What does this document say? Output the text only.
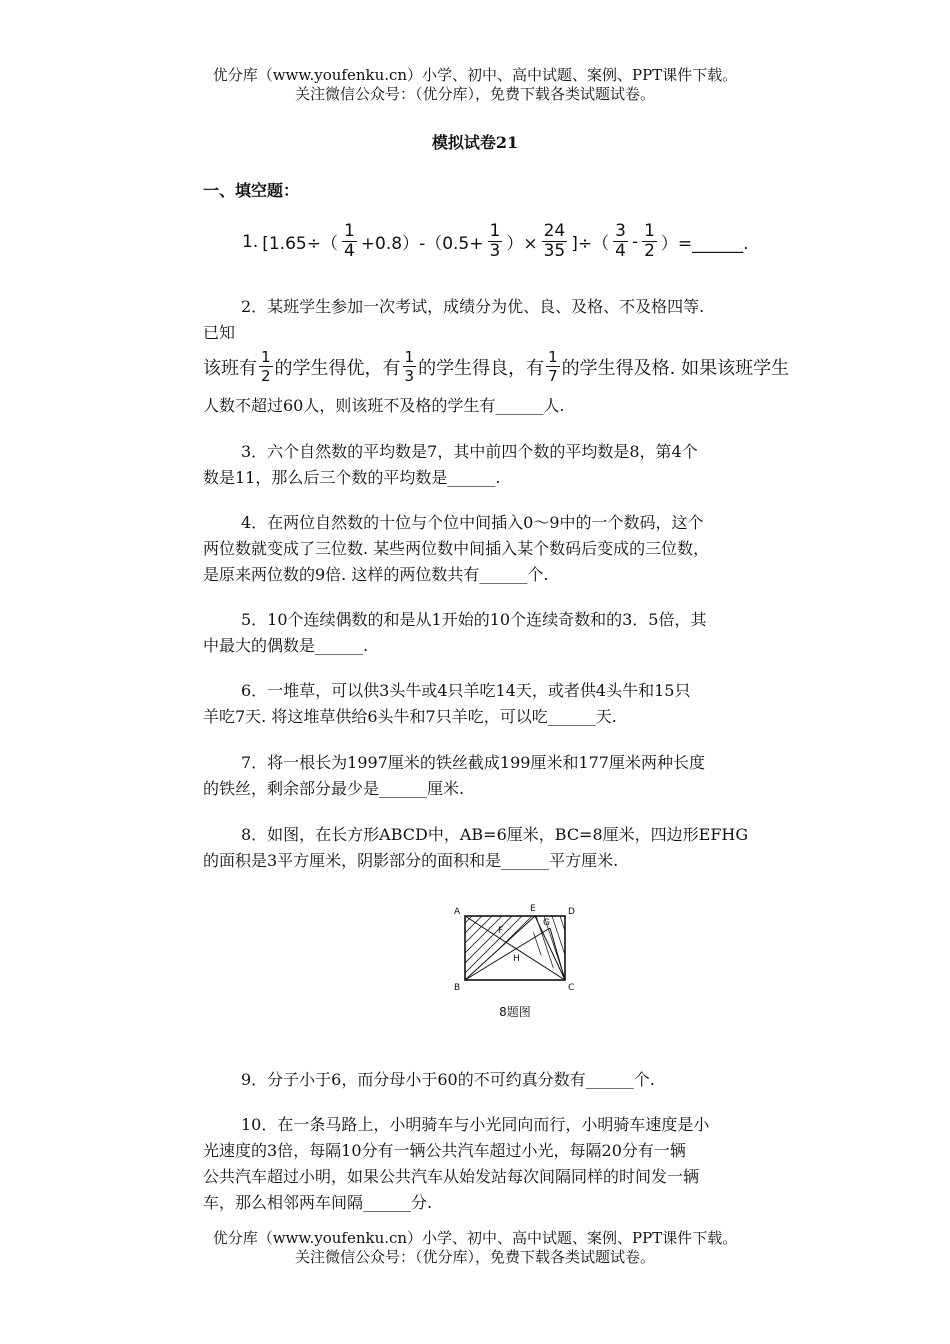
优分库（www.youfenku.cn）小学、初中、高中试题、案例、PPT课件下载。
关注微信公众号：（优分库），免费下载各类试题试卷。
模拟试卷21
一、填空题：
1. [$1.65\div( \frac{1}{4} +0.8)-(0.5+ \frac{1}{3}$ ）× $\frac{24}{35}$ ]÷（ $\frac{3}{4} - \frac{1}{2}$ ）=______.
2．某班学生参加一次考试，成绩分为优、良、及格、不及格四等.
已知
该班有 $\frac{1}{2}$ 的学生得优，有 $\frac{1}{3}$ 的学生得良，有 $\frac{1}{7}$ 的学生得及格. 如果该班学生
人数不超过60人，则该班不及格的学生有______人.
3．六个自然数的平均数是7，其中前四个数的平均数是8，第4个
数是11，那么后三个数的平均数是______.
4．在两位自然数的十位与个位中间插入0～9中的一个数码，这个
两位数就变成了三位数. 某些两位数中间插入某个数码后变成的三位数，
是原来两位数的9倍. 这样的两位数共有______个.
5．10个连续偶数的和是从1开始的10个连续奇数和的3．5倍，其
中最大的偶数是______.
6．一堆草，可以供3头牛或4只羊吃14天，或者供4头牛和15只
羊吃7天. 将这堆草供给6头牛和7只羊吃，可以吃______天.
7．将一根长为1997厘米的铁丝截成199厘米和177厘米两种长度
的铁丝，剩余部分最少是______厘米.
8．如图，在长方形ABCD中，AB=6厘米，BC=8厘米，四边形EFHG
的面积是3平方厘米，阴影部分的面积和是______平方厘米.
A
B	C
D
E
F
G
H
8题图
9．分子小于6，而分母小于60的不可约真分数有______个.
10．在一条马路上，小明骑车与小光同向而行，小明骑车速度是小
光速度的3倍，每隔10分有一辆公共汽车超过小光，每隔20分有一辆
公共汽车超过小明，如果公共汽车从始发站每次间隔同样的时间发一辆
车，那么相邻两车间隔______分.
优分库（www.youfenku.cn）小学、初中、高中试题、案例、PPT课件下载。
关注微信公众号：（优分库），免费下载各类试题试卷。
